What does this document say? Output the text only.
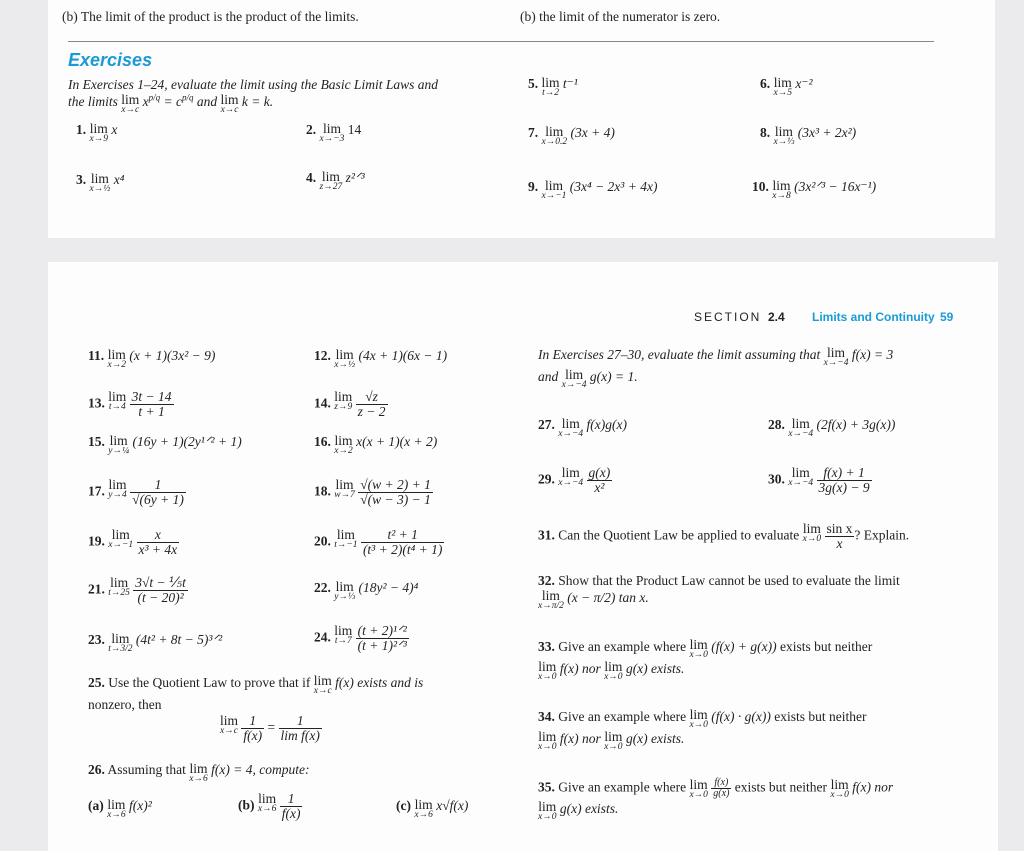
(b) The limit of the product is the product of the limits.	(b) the limit of the numerator is zero.
Exercises
In Exercises 1–24, evaluate the limit using the Basic Limit Laws and
the limits lim
x→c
$x^{p/q} = c^{p/q}$ and lim
x→c
k = k.
1. lim
x→9
x	2. lim
x→−3
14
3. lim
x→½
x⁴	4. lim
z→27
z²ᐟ³
5. lim
t→2
t⁻¹	6. lim
x→5
x⁻²
7. lim
x→0.2
(3x + 4)	8. lim
x→⅓
(3x³ + 2x²)
9. lim
x→−1
(3x⁴ − 2x³ + 4x)	10. lim
x→8
(3x²ᐟ³ − 16x⁻¹)
SECTION 2.4 Limits and Continuity 59
11. lim
x→2
(x + 1)(3x² − 9)	12. lim
x→½
(4x + 1)(6x − 1)
13. lim
t→4
$\frac{3t - 14}{t + 1}$	14. lim
z→9
$\frac{√z}{z - 2}$
15. lim
y→¼
(16y + 1)(2y¹ᐟ² + 1)	16. lim
x→2
x(x + 1)(x + 2)
17. lim
y→4
$\frac{1}{√(6y + 1)}$	18. lim
w→7
$\frac{√(w + 2) + 1}{√(w - 3) - 1}$
19. lim
x→−1
$\frac{x}{\text{x³ + 4x}}$	20. lim
t→−1
$\frac{\text{t² + 1}}{\text{(t³ + 2)(t⁴ + 1)}}$
21. lim
t→25
$\frac{\text{3√t − ⅕t}}{\text{(t − 20)²}}$	22. lim
y→⅓
(18y² − 4)⁴
23. lim
t→3/2
(4t² + 8t − 5)³ᐟ²	24. lim
t→7
$\frac{\text{(t + 2)¹ᐟ²}}{\text{(t + 1)²ᐟ³}}$
25. Use the Quotient Law to prove that if lim
x→c
f(x) exists and is
nonzero, then
lim
x→c
$\frac{1}{f(x)} = \frac{1}{\text{lim f(x)}}$
26. Assuming that lim
x→6
f(x) = 4, compute:
(a) lim
x→6
f(x)²	(b) lim
x→6
$\frac{1}{f(x)}$	(c) lim
x→6
x√f(x)
In Exercises 27–30, evaluate the limit assuming that lim
x→−4
f(x) = 3
and lim
x→−4
g(x) = 1.
27. lim
x→−4
f(x)g(x)	28. lim
x→−4
(2f(x) + 3g(x))
29. lim
x→−4
$\frac{g(x)}{\text{x²}}$	30. lim
x→−4
$\frac{f(x) + 1}{3g(x) - 9}$
31. Can the Quotient Law be applied to evaluate lim
x→0
$\frac{\text{sin x}}{x}$ ? Explain.
32. Show that the Product Law cannot be used to evaluate the limit
lim
x→π/2
(x − π/2) tan x.
33. Give an example where lim
x→0
(f(x) + g(x)) exists but neither
lim
x→0
f(x) nor lim
x→0
g(x) exists.
34. Give an example where lim
x→0
(f(x) · g(x)) exists but neither
lim
x→0
f(x) nor lim
x→0
g(x) exists.
35. Give an example where lim
x→0
$\frac{f(x)}{g(x)}$ exists but neither lim
x→0
f(x) nor
lim
x→0
g(x) exists.
